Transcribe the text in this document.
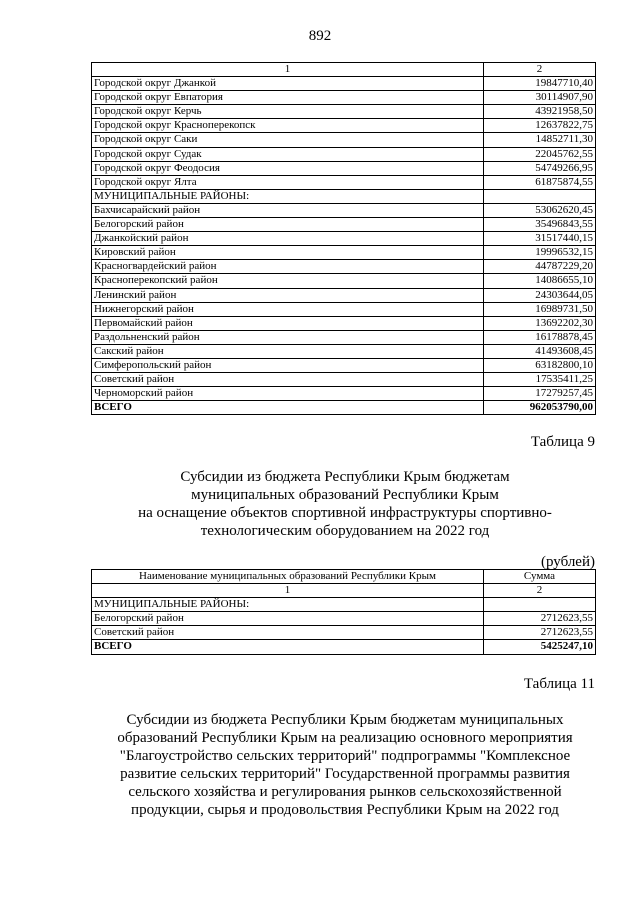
892
1	2
Городской округ Джанкой	19847710,40
Городской округ Евпатория	30114907,90
Городской округ Керчь	43921958,50
Городской округ Красноперекопск	12637822,75
Городской округ Саки	14852711,30
Городской округ Судак	22045762,55
Городской округ Феодосия	54749266,95
Городской округ Ялта	61875874,55
МУНИЦИПАЛЬНЫЕ РАЙОНЫ:	
Бахчисарайский район	53062620,45
Белогорский район	35496843,55
Джанкойский район	31517440,15
Кировский район	19996532,15
Красногвардейский район	44787229,20
Красноперекопский район	14086655,10
Ленинский район	24303644,05
Нижнегорский район	16989731,50
Первомайский район	13692202,30
Раздольненский район	16178878,45
Сакский район	41493608,45
Симферопольский район	63182800,10
Советский район	17535411,25
Черноморский район	17279257,45
ВСЕГО	962053790,00
Таблица 9
Субсидии из бюджета Республики Крым бюджетам
муниципальных образований Республики Крым
на оснащение объектов спортивной инфраструктуры спортивно-
технологическим оборудованием на 2022 год
(рублей)
Наименование муниципальных образований Республики Крым	Сумма
1	2
МУНИЦИПАЛЬНЫЕ РАЙОНЫ:	
Белогорский район	2712623,55
Советский район	2712623,55
ВСЕГО	5425247,10
Таблица 11
Субсидии из бюджета Республики Крым бюджетам муниципальных
образований Республики Крым на реализацию основного мероприятия
"Благоустройство сельских территорий" подпрограммы "Комплексное
развитие сельских территорий" Государственной программы развития
сельского хозяйства и регулирования рынков сельскохозяйственной
продукции, сырья и продовольствия Республики Крым на 2022 год
